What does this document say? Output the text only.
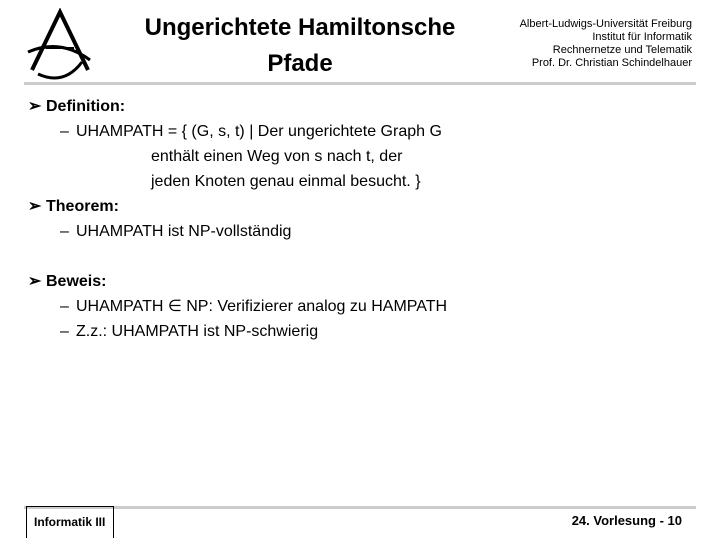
Ungerichtete Hamiltonsche
Pfade
Albert-Ludwigs-Universität Freiburg
Institut für Informatik
Rechnernetze und Telematik
Prof. Dr. Christian Schindelhauer
➢ Definition:
– UHAMPATH = { (G, s, t) | Der ungerichtete Graph G
enthält einen Weg von s nach t, der
jeden Knoten genau einmal besucht. }
➢ Theorem:
– UHAMPATH ist NP-vollständig
➢ Beweis:
– UHAMPATH ∈ NP: Verifizierer analog zu HAMPATH
– Z.z.: UHAMPATH ist NP-schwierig
Informatik III	24. Vorlesung - 10
